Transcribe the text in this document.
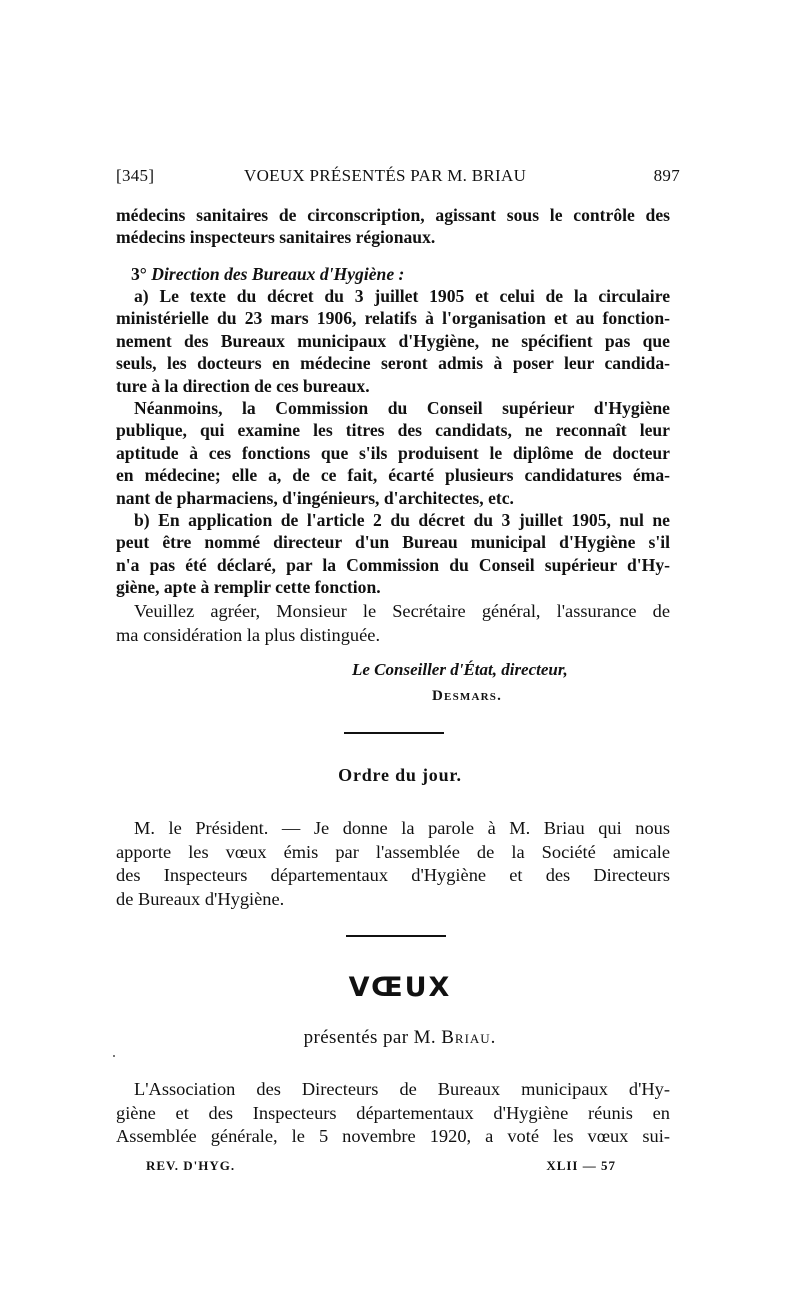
[345]	VOEUX PRÉSENTÉS PAR M. BRIAU	897
médecins sanitaires de circonscription, agissant sous le contrôle des
médecins inspecteurs sanitaires régionaux.
3° Direction des Bureaux d'Hygiène :
a) Le texte du décret du 3 juillet 1905 et celui de la circulaire
ministérielle du 23 mars 1906, relatifs à l'organisation et au fonction-
nement des Bureaux municipaux d'Hygiène, ne spécifient pas que
seuls, les docteurs en médecine seront admis à poser leur candida-
ture à la direction de ces bureaux.
Néanmoins, la Commission du Conseil supérieur d'Hygiène
publique, qui examine les titres des candidats, ne reconnaît leur
aptitude à ces fonctions que s'ils produisent le diplôme de docteur
en médecine; elle a, de ce fait, écarté plusieurs candidatures éma-
nant de pharmaciens, d'ingénieurs, d'architectes, etc.
b) En application de l'article 2 du décret du 3 juillet 1905, nul ne
peut être nommé directeur d'un Bureau municipal d'Hygiène s'il
n'a pas été déclaré, par la Commission du Conseil supérieur d'Hy-
giène, apte à remplir cette fonction.
Veuillez agréer, Monsieur le Secrétaire général, l'assurance de
ma considération la plus distinguée.
Le Conseiller d'État, directeur,
Desmars.
Ordre du jour.
M. le Président. — Je donne la parole à M. Briau qui nous
apporte les vœux émis par l'assemblée de la Société amicale
des Inspecteurs départementaux d'Hygiène et des Directeurs
de Bureaux d'Hygiène.
VŒUX
présentés par M. Briau.
L'Association des Directeurs de Bureaux municipaux d'Hy-
giène et des Inspecteurs départementaux d'Hygiène réunis en
Assemblée générale, le 5 novembre 1920, a voté les vœux sui-
REV. D'HYG.	XLII — 57
